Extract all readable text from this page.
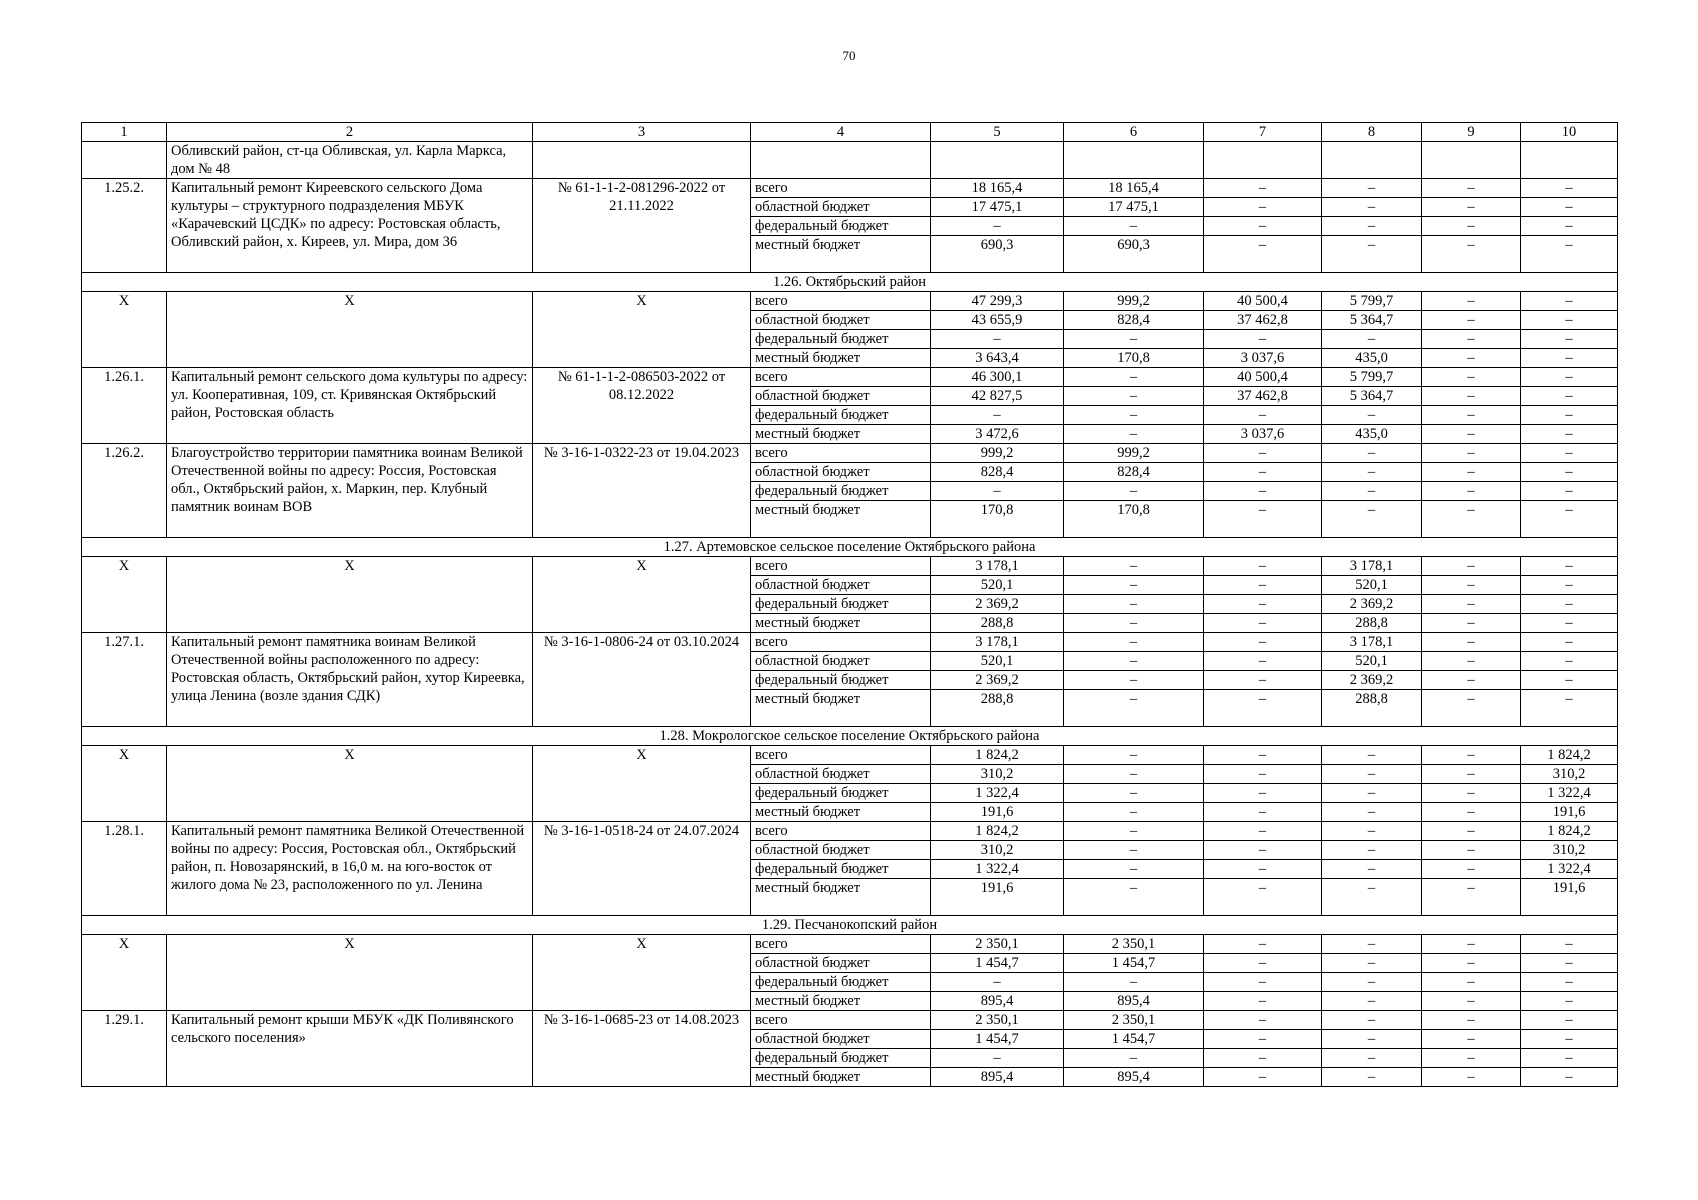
70
1	2	3	4	5	6	7	8	9	10
	Обливский район, ст-ца Обливская, ул. Карла Маркса, дом № 48								
1.25.2.	Капитальный ремонт Киреевского сельского Дома культуры – структурного подразделения МБУК «Карачевский ЦСДК» по адресу: Ростовская область, Обливский район, х. Киреев, ул. Мира, дом 36	№ 61-1-1-2-081296-2022 от 21.11.2022	всего	18 165,4	18 165,4	–	–	–	–
			областной бюджет	17 475,1	17 475,1	–	–	–	–
			федеральный бюджет	–	–	–	–	–	–
			местный бюджет	690,3	690,3	–	–	–	–
1.26. Октябрьский район									
Х	Х	Х	всего	47 299,3	999,2	40 500,4	5 799,7	–	–
			областной бюджет	43 655,9	828,4	37 462,8	5 364,7	–	–
			федеральный бюджет	–	–	–	–	–	–
			местный бюджет	3 643,4	170,8	3 037,6	435,0	–	–
1.26.1.	Капитальный ремонт сельского дома культуры по адресу: ул. Кооперативная, 109, ст. Кривянская Октябрьский район, Ростовская область	№ 61-1-1-2-086503-2022 от 08.12.2022	всего	46 300,1	–	40 500,4	5 799,7	–	–
			областной бюджет	42 827,5	–	37 462,8	5 364,7	–	–
			федеральный бюджет	–	–	–	–	–	–
			местный бюджет	3 472,6	–	3 037,6	435,0	–	–
1.26.2.	Благоустройство территории памятника воинам Великой Отечественной войны по адресу: Россия, Ростовская обл., Октябрьский район, х. Маркин, пер. Клубный памятник воинам ВОВ	№ 3-16-1-0322-23 от 19.04.2023	всего	999,2	999,2	–	–	–	–
			областной бюджет	828,4	828,4	–	–	–	–
			федеральный бюджет	–	–	–	–	–	–
			местный бюджет	170,8	170,8	–	–	–	–
1.27. Артемовское сельское поселение Октябрьского района									
Х	Х	Х	всего	3 178,1	–	–	3 178,1	–	–
			областной бюджет	520,1	–	–	520,1	–	–
			федеральный бюджет	2 369,2	–	–	2 369,2	–	–
			местный бюджет	288,8	–	–	288,8	–	–
1.27.1.	Капитальный ремонт памятника воинам Великой Отечественной войны расположенного по адресу: Ростовская область, Октябрьский район, хутор Киреевка, улица Ленина (возле здания СДК)	№ 3-16-1-0806-24 от 03.10.2024	всего	3 178,1	–	–	3 178,1	–	–
			областной бюджет	520,1	–	–	520,1	–	–
			федеральный бюджет	2 369,2	–	–	2 369,2	–	–
			местный бюджет	288,8	–	–	288,8	–	–
1.28. Мокрологское сельское поселение Октябрьского района									
Х	Х	Х	всего	1 824,2	–	–	–	–	1 824,2
			областной бюджет	310,2	–	–	–	–	310,2
			федеральный бюджет	1 322,4	–	–	–	–	1 322,4
			местный бюджет	191,6	–	–	–	–	191,6
1.28.1.	Капитальный ремонт памятника Великой Отечественной войны по адресу: Россия, Ростовская обл., Октябрьский район, п. Новозарянский, в 16,0 м. на юго-восток от жилого дома № 23, расположенного по ул. Ленина	№ 3-16-1-0518-24 от 24.07.2024	всего	1 824,2	–	–	–	–	1 824,2
			областной бюджет	310,2	–	–	–	–	310,2
			федеральный бюджет	1 322,4	–	–	–	–	1 322,4
			местный бюджет	191,6	–	–	–	–	191,6
1.29. Песчанокопский район									
Х	Х	Х	всего	2 350,1	2 350,1	–	–	–	–
			областной бюджет	1 454,7	1 454,7	–	–	–	–
			федеральный бюджет	–	–	–	–	–	–
			местный бюджет	895,4	895,4	–	–	–	–
1.29.1.	Капитальный ремонт крыши МБУК «ДК Поливянского сельского поселения»	№ 3-16-1-0685-23 от 14.08.2023	всего	2 350,1	2 350,1	–	–	–	–
			областной бюджет	1 454,7	1 454,7	–	–	–	–
			федеральный бюджет	–	–	–	–	–	–
			местный бюджет	895,4	895,4	–	–	–	–
